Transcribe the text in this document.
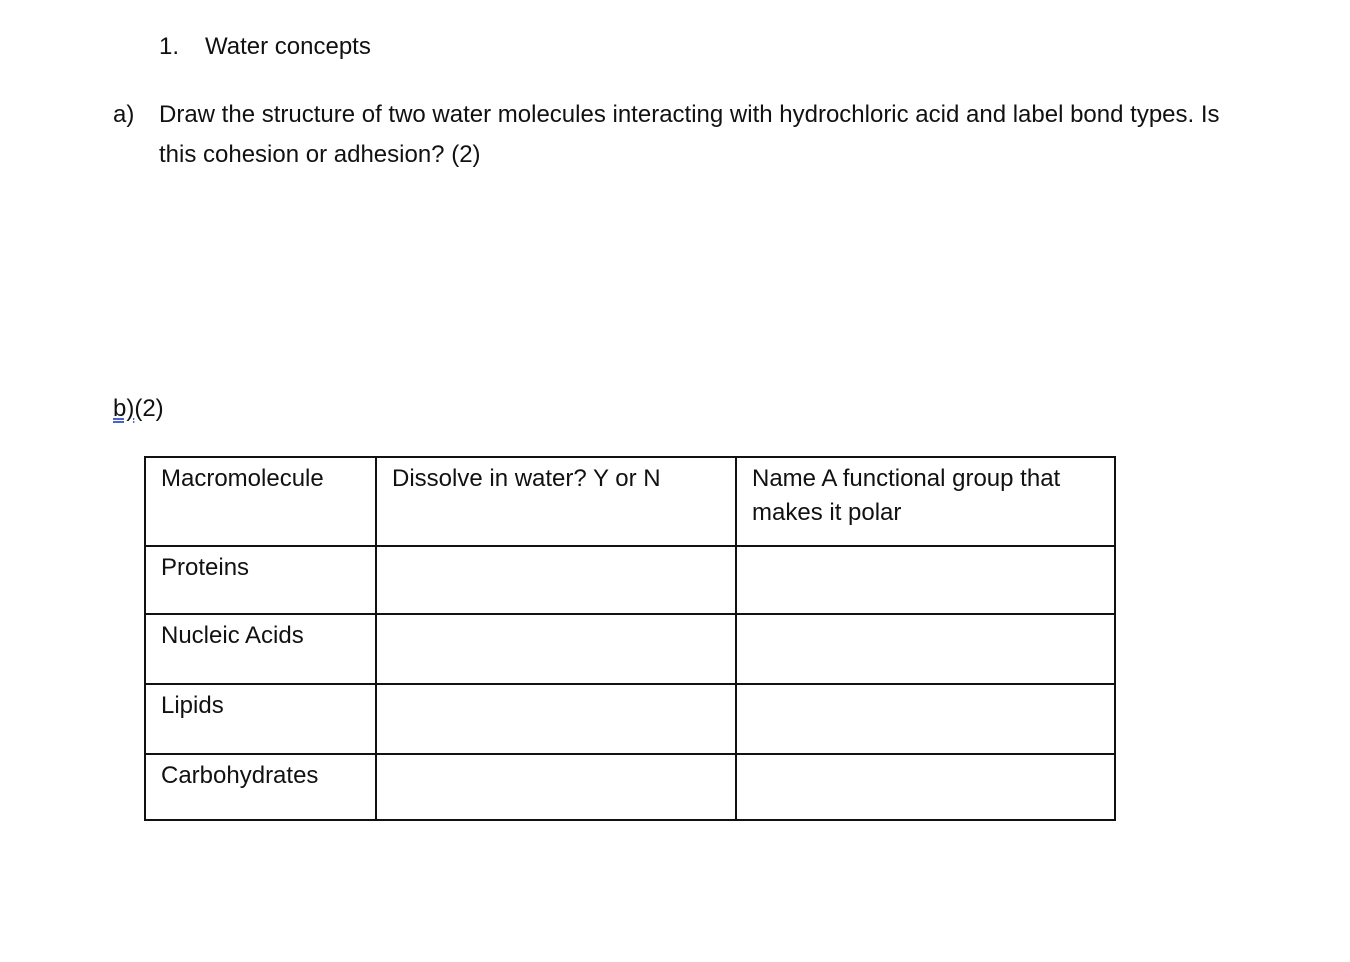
1. Water concepts
a) Draw the structure of two water molecules interacting with hydrochloric acid and label bond types. Is this cohesion or adhesion? (2)
b)(2)
Macromolecule	Dissolve in water? Y or N	Name A functional group that makes it polar
Proteins		
Nucleic Acids		
Lipids		
Carbohydrates		
